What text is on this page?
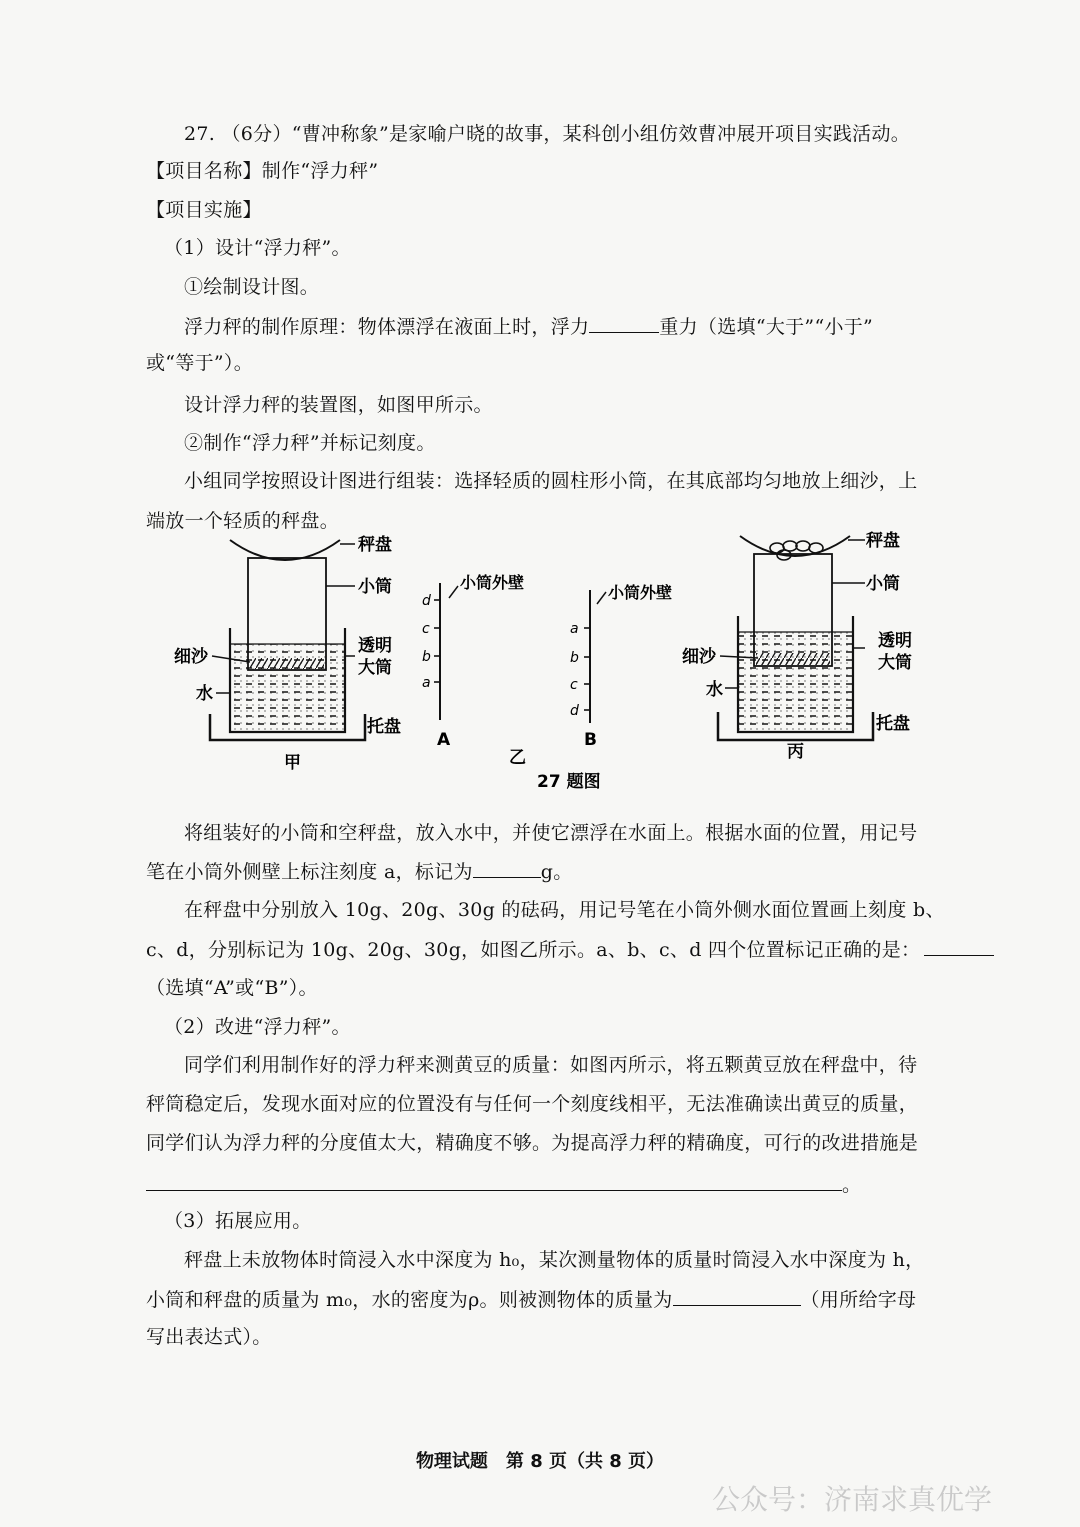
27. （6分）“曹冲称象”是家喻户晓的故事，某科创小组仿效曹冲展开项目实践活动。
【项目名称】制作“浮力秤”
【项目实施】
（1）设计“浮力秤”。
①绘制设计图。
浮力秤的制作原理：物体漂浮在液面上时，浮力	重力（选填“大于”“小于”
或“等于”）。
设计浮力秤的装置图，如图甲所示。
②制作“浮力秤”并标记刻度。
小组同学按照设计图进行组装：选择轻质的圆柱形小筒，在其底部均匀地放上细沙，上
端放一个轻质的秤盘。
秤盘
小筒
透明
大筒
细沙
水
托盘
甲
小筒外壁
d
c
b
a
A
小筒外壁
a
b
c
d
B
乙
27 题图
秤盘
小筒
透明
大筒
细沙
水
托盘
丙
将组装好的小筒和空秤盘，放入水中，并使它漂浮在水面上。根据水面的位置，用记号
笔在小筒外侧壁上标注刻度 a，标记为	g。
在秤盘中分别放入 10g、20g、30g 的砝码，用记号笔在小筒外侧水面位置画上刻度 b、
c、d，分别标记为 10g、20g、30g，如图乙所示。a、b、c、d 四个位置标记正确的是：
（选填“A”或“B”）。
（2）改进“浮力秤”。
同学们利用制作好的浮力秤来测黄豆的质量：如图丙所示，将五颗黄豆放在秤盘中，待
秤筒稳定后，发现水面对应的位置没有与任何一个刻度线相平，无法准确读出黄豆的质量，
同学们认为浮力秤的分度值太大，精确度不够。为提高浮力秤的精确度，可行的改进措施是
。
（3）拓展应用。
秤盘上未放物体时筒浸入水中深度为 h₀，某次测量物体的质量时筒浸入水中深度为 h，
小筒和秤盘的质量为 m₀，水的密度为ρ。则被测物体的质量为	（用所给字母
写出表达式）。
物理试题　第 8 页（共 8 页）
公众号：济南求真优学
